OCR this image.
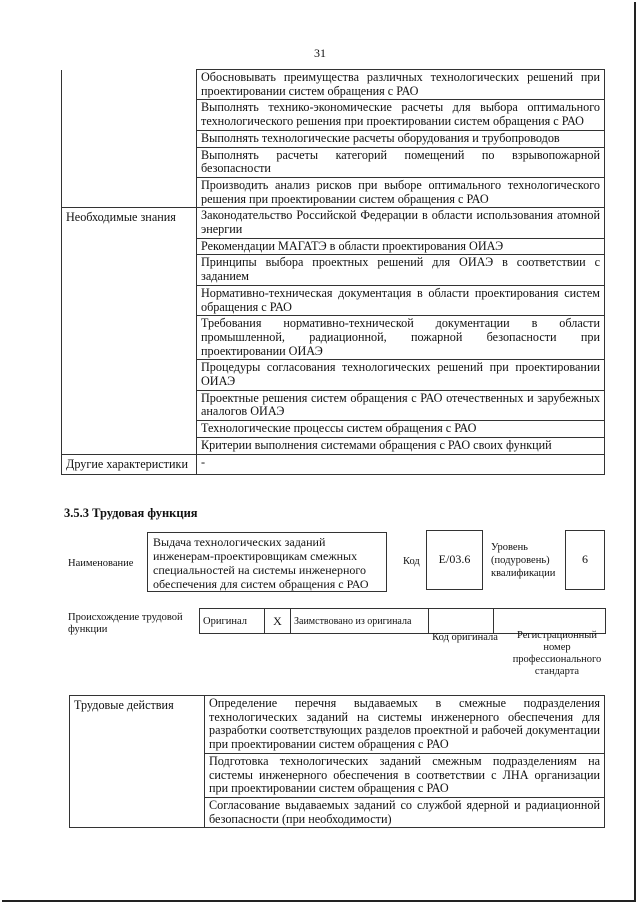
31
	Обосновывать преимущества различных технологических решений при проектировании систем обращения с РАО
	Выполнять технико-экономические расчеты для выбора оптимального технологического решения при проектировании систем обращения с РАО
	Выполнять технологические расчеты оборудования и трубопроводов
	Выполнять расчеты категорий помещений по взрывопожарной безопасности
	Производить анализ рисков при выборе оптимального технологического решения при проектировании систем обращения с РАО
Необходимые знания	Законодательство Российской Федерации в области использования атомной энергии
	Рекомендации МАГАТЭ в области проектирования ОИАЭ
	Принципы выбора проектных решений для ОИАЭ в соответствии с заданием
	Нормативно-техническая документация в области проектирования систем обращения с РАО
	Требования нормативно-технической документации в области промышленной, радиационной, пожарной безопасности при проектировании ОИАЭ
	Процедуры согласования технологических решений при проектировании ОИАЭ
	Проектные решения систем обращения с РАО отечественных и зарубежных аналогов ОИАЭ
	Технологические процессы систем обращения с РАО
	Критерии выполнения системами обращения с РАО своих функций
Другие характеристики	-
3.5.3 Трудовая функция
Наименование
Выдача технологических заданий инженерам-проектировщикам смежных специальностей на системы инженерного обеспечения для систем обращения с РАО
Код	E/03.6
Уровень (подуровень) квалификации
6
Происхождение трудовой функции
Оригинал	X	Заимствовано из оригинала		
Код оригинала	Регистрационный номер профессионального стандарта
Трудовые действия	Определение перечня выдаваемых в смежные подразделения технологических заданий на системы инженерного обеспечения для разработки соответствующих разделов проектной и рабочей документации при проектировании систем обращения с РАО
Подготовка технологических заданий смежным подразделениям на системы инженерного обеспечения в соответствии с ЛНА организации при проектировании систем обращения с РАО
Согласование выдаваемых заданий со службой ядерной и радиационной безопасности (при необходимости)
